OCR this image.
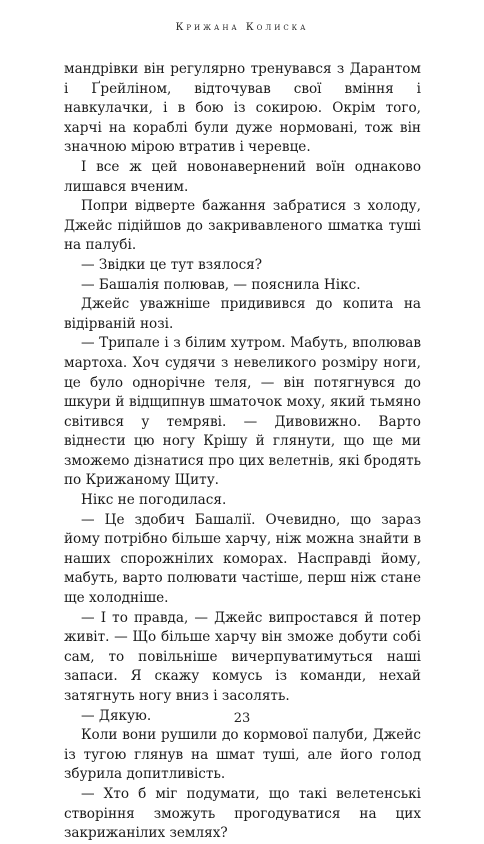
Крижана Колиска

мандрівки він регулярно тренувався з Дарантом і Ґрейліном, відточував свої вміння і навкулачки, і в бою із сокирою. Окрім того, харчі на кораблі були дуже нормовані, тож він значною мірою втратив і черевце.

І все ж цей новонавернений воїн однаково лишався вченим.

Попри відверте бажання забратися з холоду, Джейс підійшов до закривавленого шматка туші на палубі.

— Звідки це тут взялося?

— Башалія полював, — пояснила Нікс.

Джейс уважніше придивився до копита на відірваній нозі.

— Трипале і з білим хутром. Мабуть, вполював мартоха. Хоч судячи з невеликого розміру ноги, це було однорічне теля, — він потягнувся до шкури й відщипнув шматочок моху, який тьмяно світився у темряві. — Дивовижно. Варто віднести цю ногу Крішу й глянути, що ще ми зможемо дізнатися про цих велетнів, які бродять по Крижаному Щиту.

Нікс не погодилася.

— Це здобич Башалії. Очевидно, що зараз йому потрібно більше харчу, ніж можна знайти в наших спорожнілих коморах. Насправді йому, мабуть, варто полювати частіше, перш ніж стане ще холодніше.

— І то правда, — Джейс випростався й потер живіт. — Що більше харчу він зможе добути собі сам, то повільніше вичерпуватимуться наші запаси. Я скажу комусь із команди, нехай затягнуть ногу вниз і засолять.

— Дякую.

Коли вони рушили до кормової палуби, Джейс із тугою глянув на шмат туші, але його голод збурила допитливість.

— Хто б міг подумати, що такі велетенські створіння зможуть прогодуватися на цих закрижанілих землях?

23
